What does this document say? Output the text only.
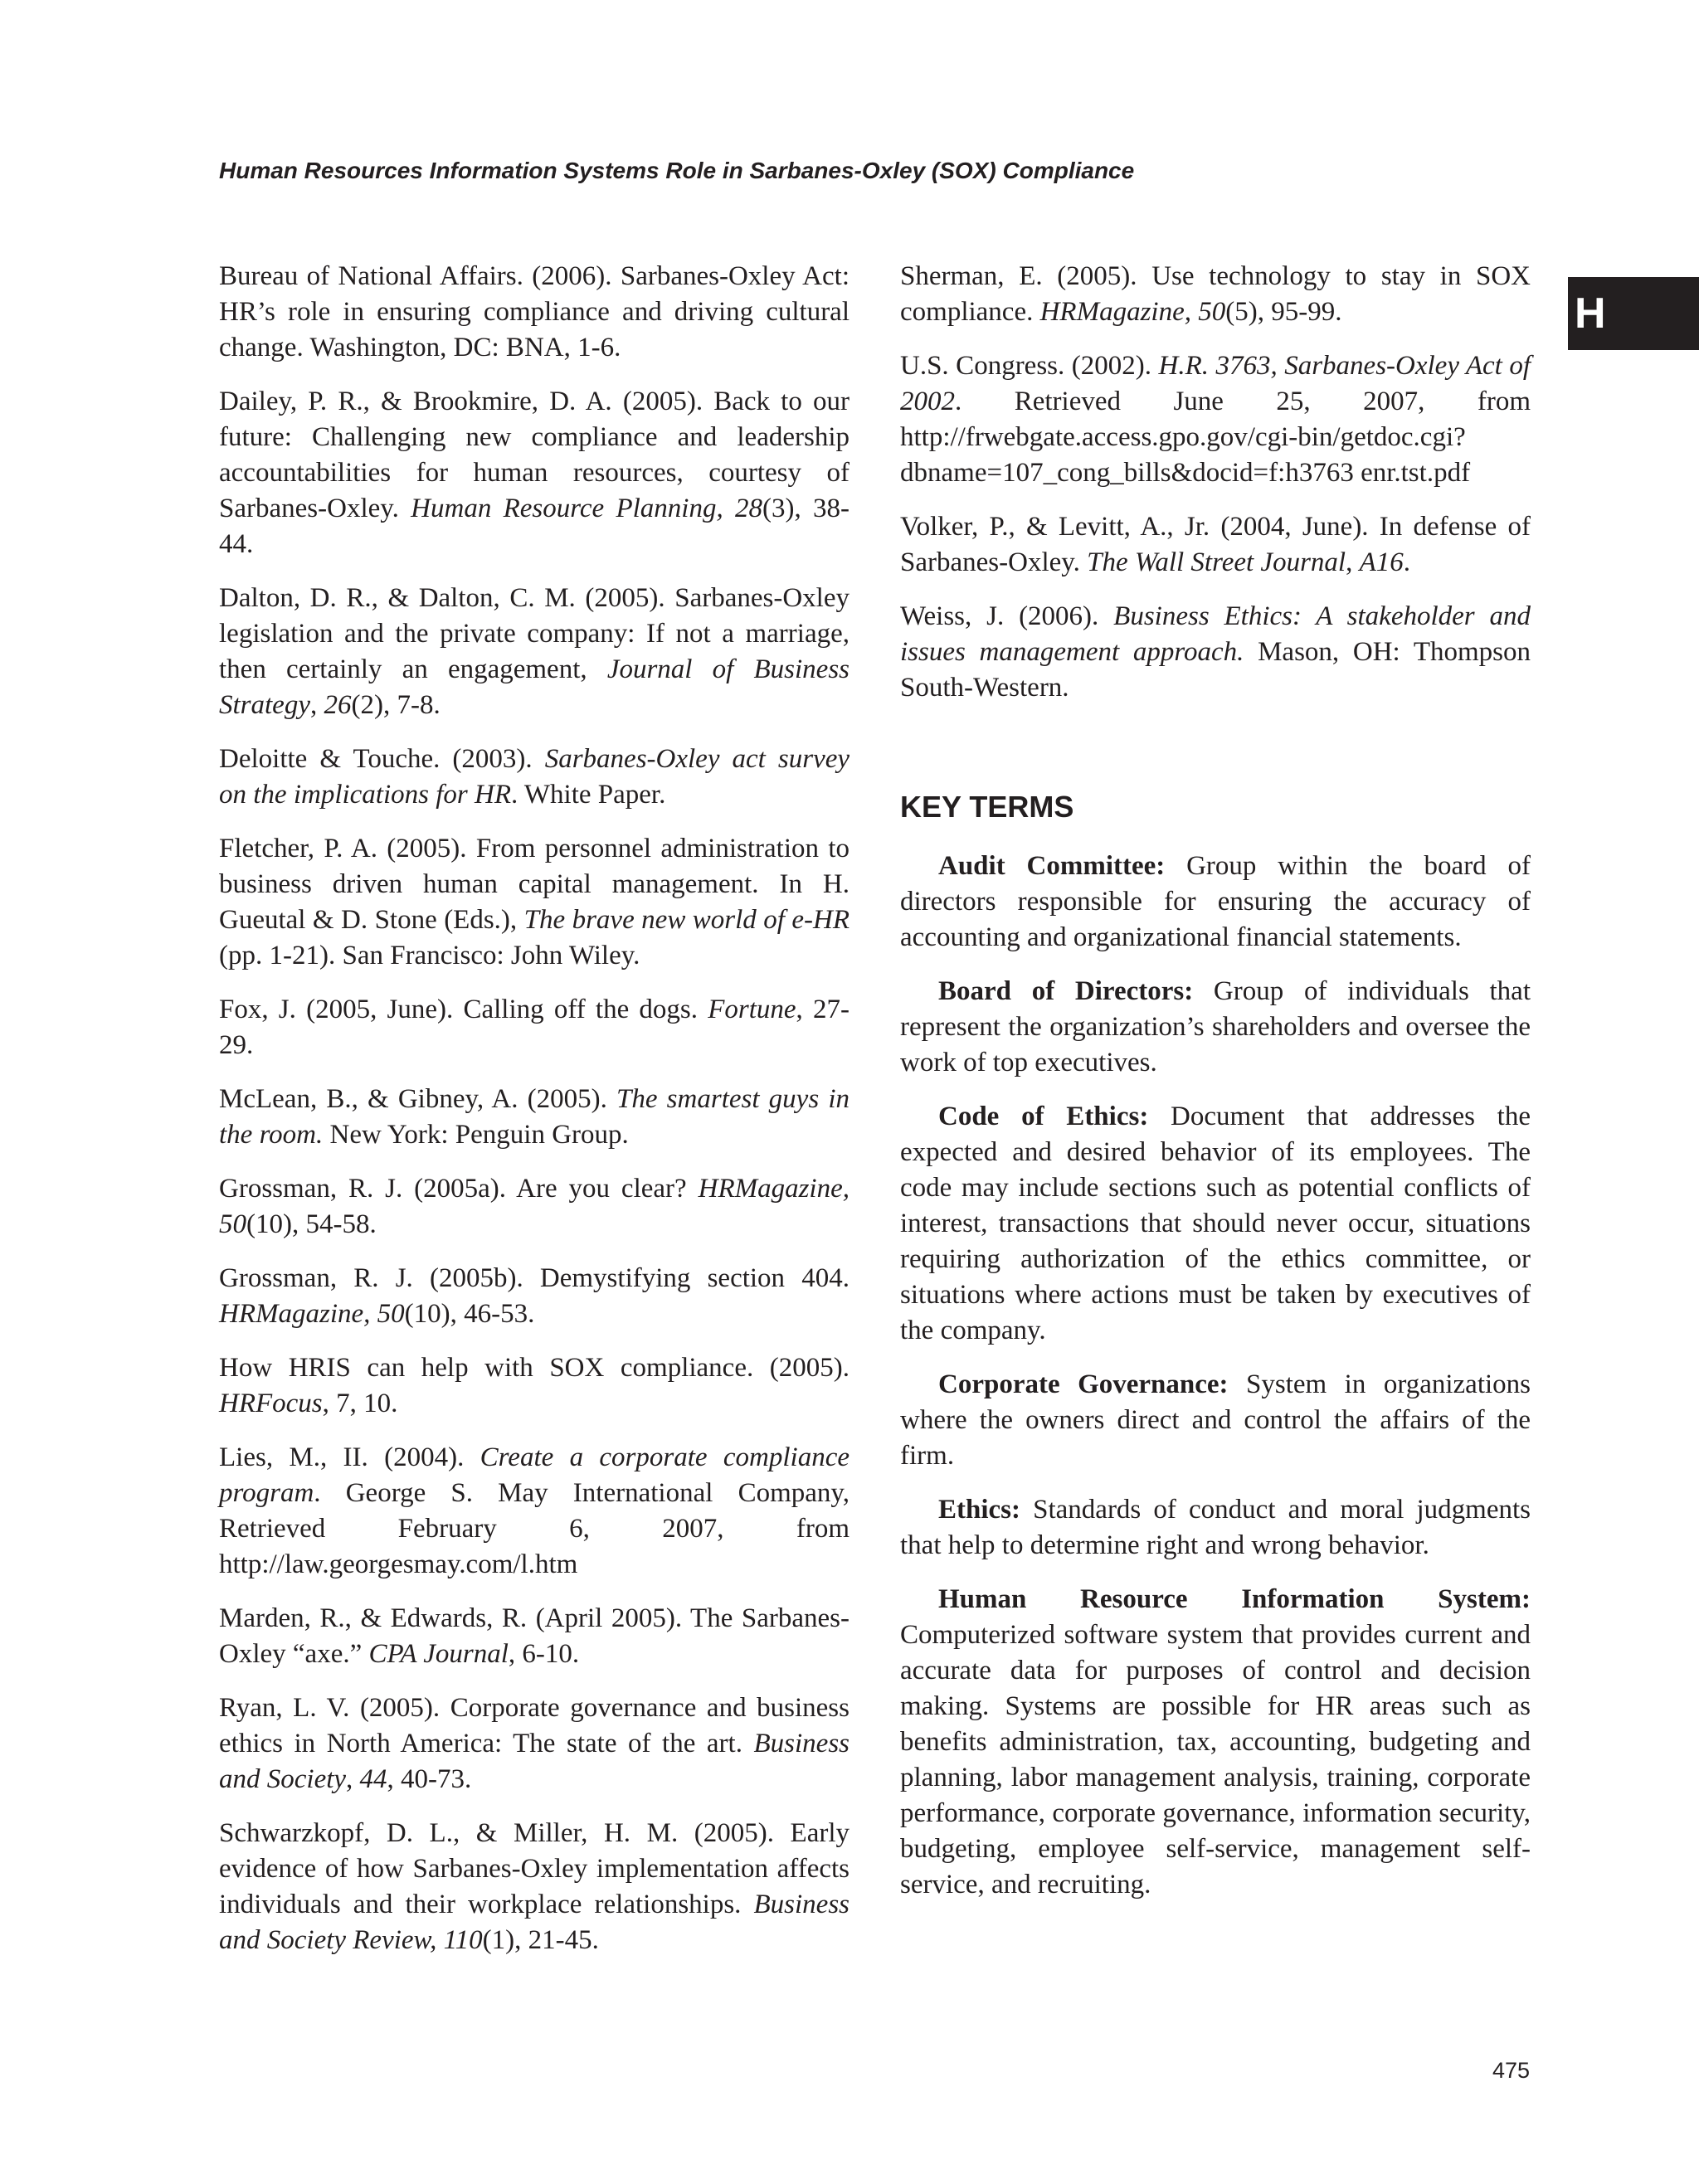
Human Resources Information Systems Role in Sarbanes-Oxley (SOX) Compliance
H

Bureau of National Affairs. (2006). Sarbanes-Oxley Act: HR’s role in ensuring compliance and driving cultural change. Washington, DC: BNA, 1-6.

Dailey, P. R., & Brookmire, D. A. (2005). Back to our future: Challenging new compliance and leadership accountabilities for human resources, courtesy of Sarbanes-Oxley. Human Resource Planning, 28(3), 38-44.

Dalton, D. R., & Dalton, C. M. (2005). Sarbanes-Oxley legislation and the private company: If not a marriage, then certainly an engagement, Journal of Business Strategy, 26(2), 7-8.

Deloitte & Touche. (2003). Sarbanes-Oxley act survey on the implications for HR. White Paper.

Fletcher, P. A. (2005). From personnel administration to business driven human capital management. In H. Gueutal & D. Stone (Eds.), The brave new world of e-HR (pp. 1-21). San Francisco: John Wiley.

Fox, J. (2005, June). Calling off the dogs. Fortune, 27-29.

McLean, B., & Gibney, A. (2005). The smartest guys in the room. New York: Penguin Group.

Grossman, R. J. (2005a). Are you clear? HRMagazine, 50(10), 54-58.

Grossman, R. J. (2005b). Demystifying section 404. HRMagazine, 50(10), 46-53.

How HRIS can help with SOX compliance. (2005). HRFocus, 7, 10.

Lies, M., II. (2004). Create a corporate compliance program. George S. May International Company, Retrieved February 6, 2007, from http://law.georgesmay.com/l.htm

Marden, R., & Edwards, R. (April 2005). The Sarbanes-Oxley “axe.” CPA Journal, 6-10.

Ryan, L. V. (2005). Corporate governance and business ethics in North America: The state of the art. Business and Society, 44, 40-73.

Schwarzkopf, D. L., & Miller, H. M. (2005). Early evidence of how Sarbanes-Oxley implementation affects individuals and their workplace relationships. Business and Society Review, 110(1), 21-45.

Sherman, E. (2005). Use technology to stay in SOX compliance. HRMagazine, 50(5), 95-99.

U.S. Congress. (2002). H.R. 3763, Sarbanes-Oxley Act of 2002. Retrieved June 25, 2007, from http://frwebgate.access.gpo.gov/cgi-bin/getdoc.cgi?dbname=107_cong_bills&docid=f:h3763 enr.tst.pdf

Volker, P., & Levitt, A., Jr. (2004, June). In defense of Sarbanes-Oxley. The Wall Street Journal, A16.

Weiss, J. (2006). Business Ethics: A stakeholder and issues management approach. Mason, OH: Thompson South-Western.

KEY TERMS

Audit Committee: Group within the board of directors responsible for ensuring the accuracy of accounting and organizational financial statements.

Board of Directors: Group of individuals that represent the organization’s shareholders and oversee the work of top executives.

Code of Ethics: Document that addresses the expected and desired behavior of its employees. The code may include sections such as potential conflicts of interest, transactions that should never occur, situations requiring authorization of the ethics committee, or situations where actions must be taken by executives of the company.

Corporate Governance: System in organizations where the owners direct and control the affairs of the firm.

Ethics: Standards of conduct and moral judgments that help to determine right and wrong behavior.

Human Resource Information System: Computerized software system that provides current and accurate data for purposes of control and decision making. Systems are possible for HR areas such as benefits administration, tax, accounting, budgeting and planning, labor management analysis, training, corporate performance, corporate governance, information security, budgeting, employee self-service, management self-service, and recruiting.

475
